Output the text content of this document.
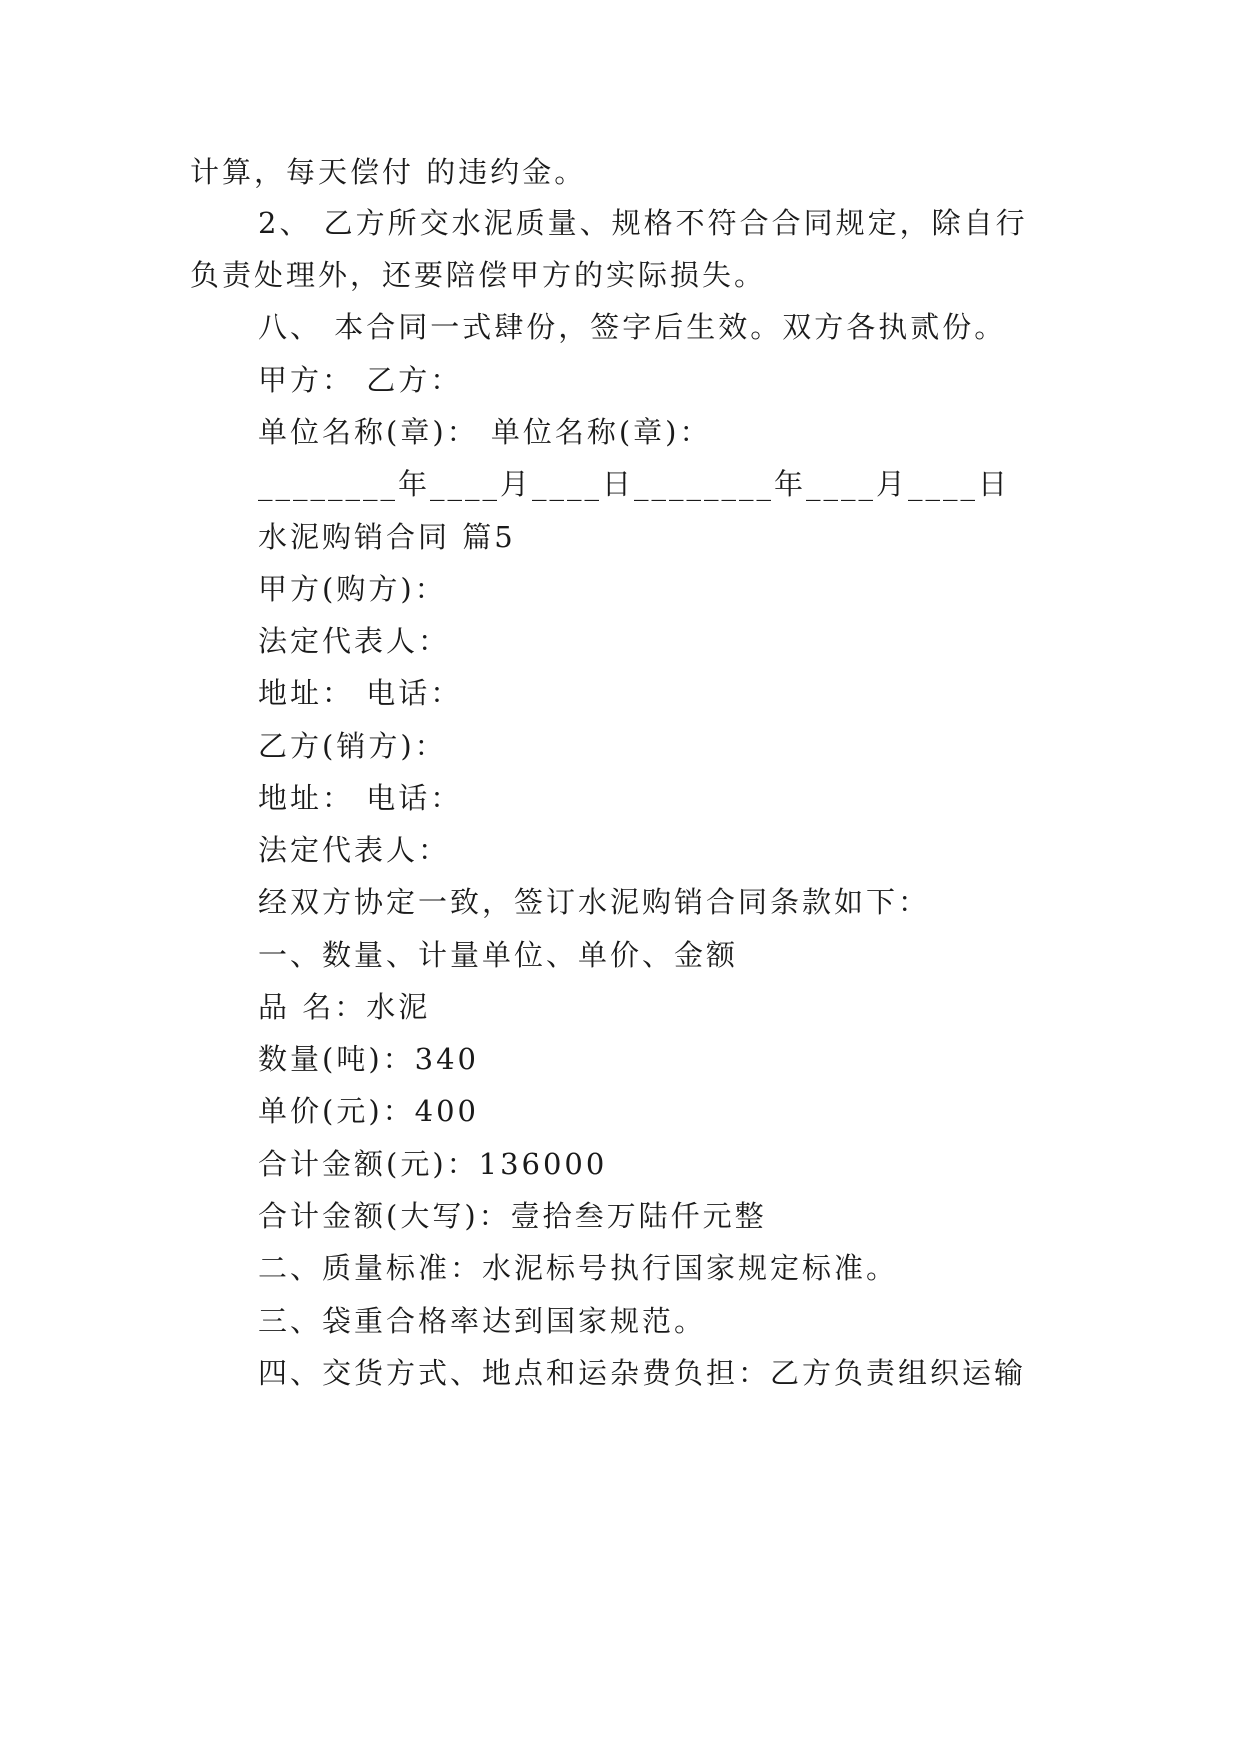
计算，每天偿付 的违约金。
2、 乙方所交水泥质量、规格不符合合同规定，除自行
负责处理外，还要陪偿甲方的实际损失。
八、 本合同一式肆份，签字后生效。双方各执贰份。
甲方： 乙方：
单位名称(章)： 单位名称(章)：
________年____月____日________年____月____日
水泥购销合同 篇5
甲方(购方)：
法定代表人：
地址： 电话：
乙方(销方)：
地址： 电话：
法定代表人：
经双方协定一致，签订水泥购销合同条款如下：
一、数量、计量单位、单价、金额
品 名：水泥
数量(吨)：340
单价(元)：400
合计金额(元)：136000
合计金额(大写)：壹拾叁万陆仟元整
二、质量标准：水泥标号执行国家规定标准。
三、袋重合格率达到国家规范。
四、交货方式、地点和运杂费负担：乙方负责组织运输
